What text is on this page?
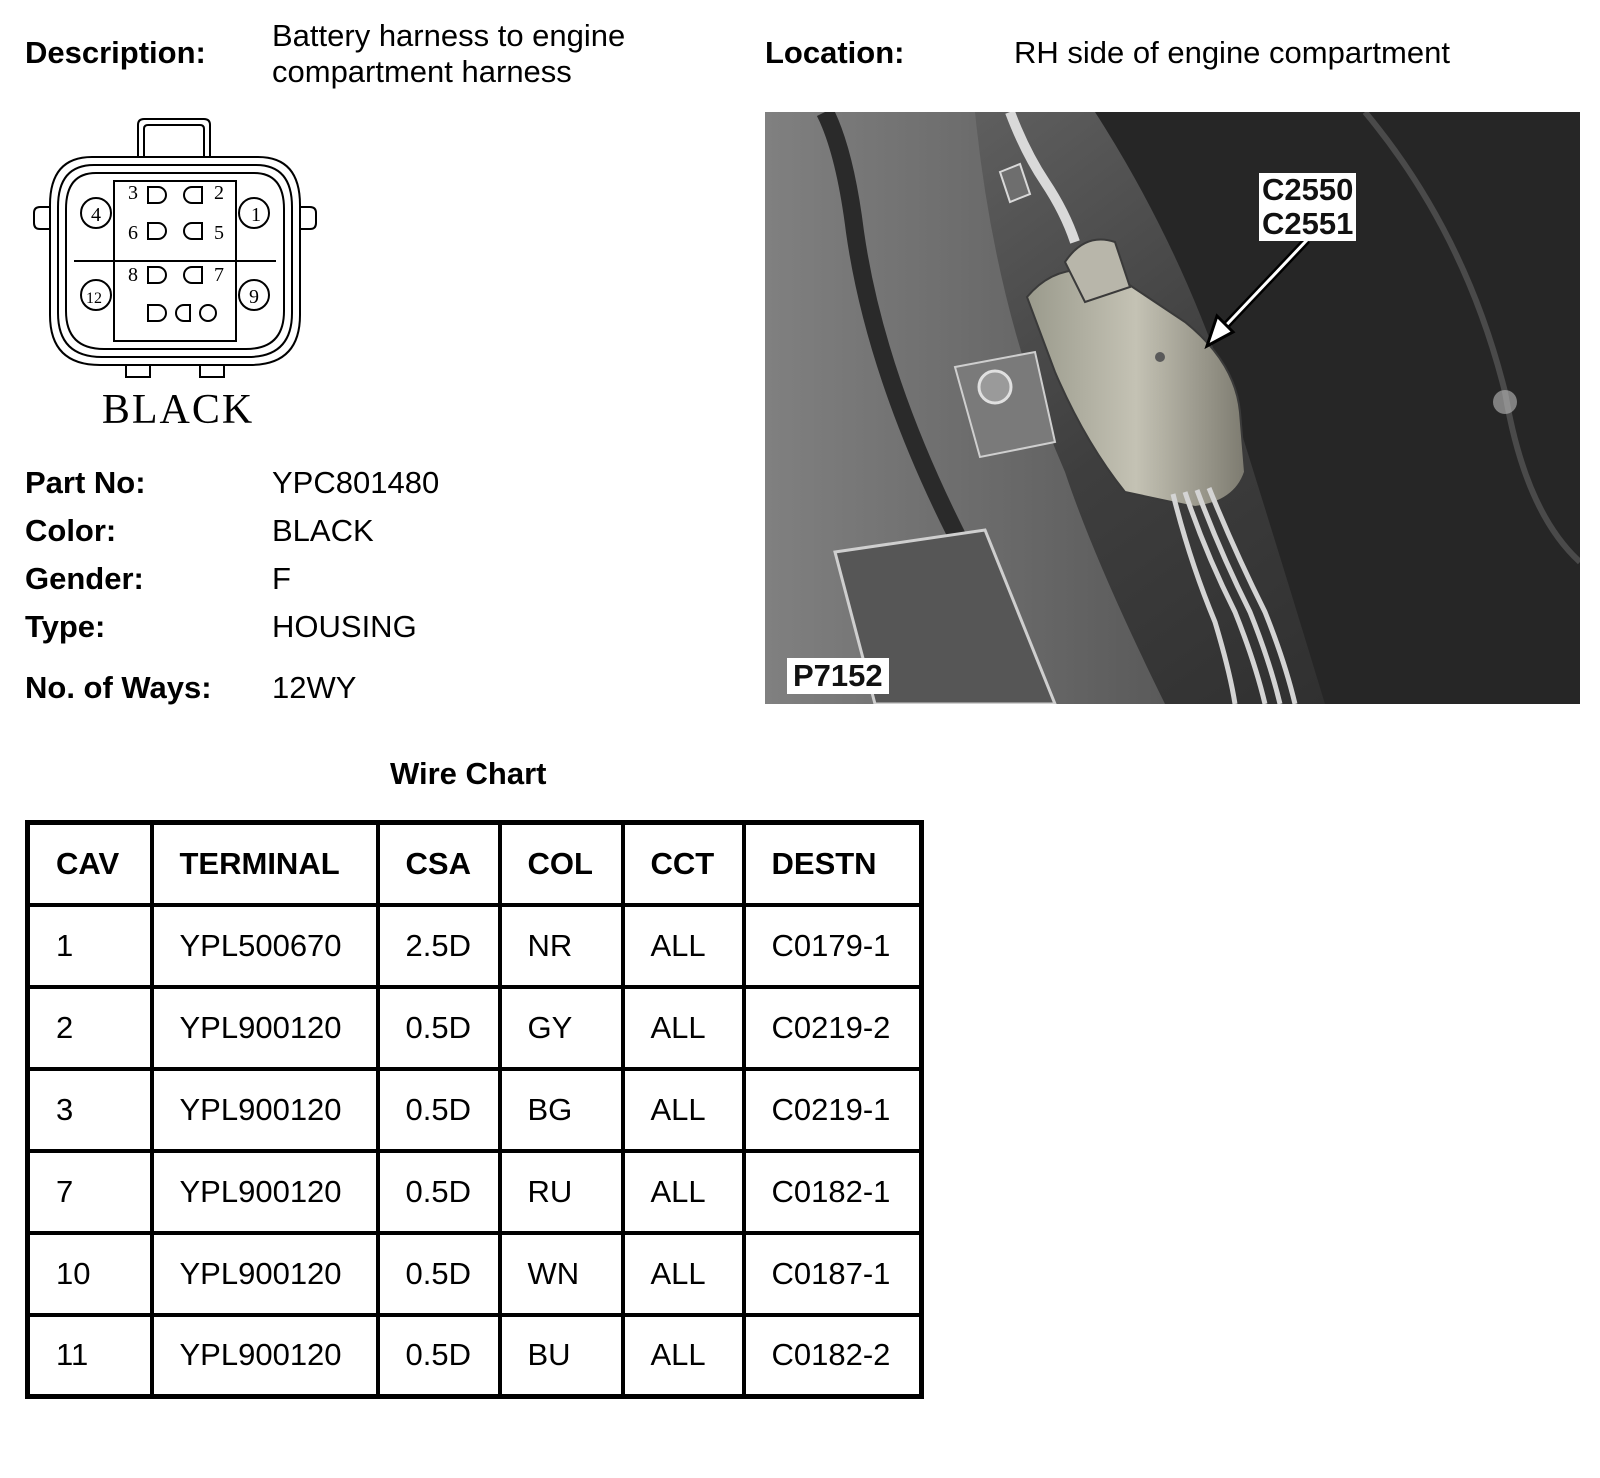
Description: Battery harness to engine
compartment harness
Location:	RH side of engine compartment
1
2
3
4
5
6
7
8
9
12
BLACK
Part No:	YPC801480
Color:	BLACK
Gender:	F
Type:	HOUSING
No. of Ways:	12WY
C2550
C2551
P7152
Wire Chart
CAV	TERMINAL	CSA	COL	CCT	DESTN
1	YPL500670	2.5D	NR	ALL	C0179-1
2	YPL900120	0.5D	GY	ALL	C0219-2
3	YPL900120	0.5D	BG	ALL	C0219-1
7	YPL900120	0.5D	RU	ALL	C0182-1
10	YPL900120	0.5D	WN	ALL	C0187-1
11	YPL900120	0.5D	BU	ALL	C0182-2
